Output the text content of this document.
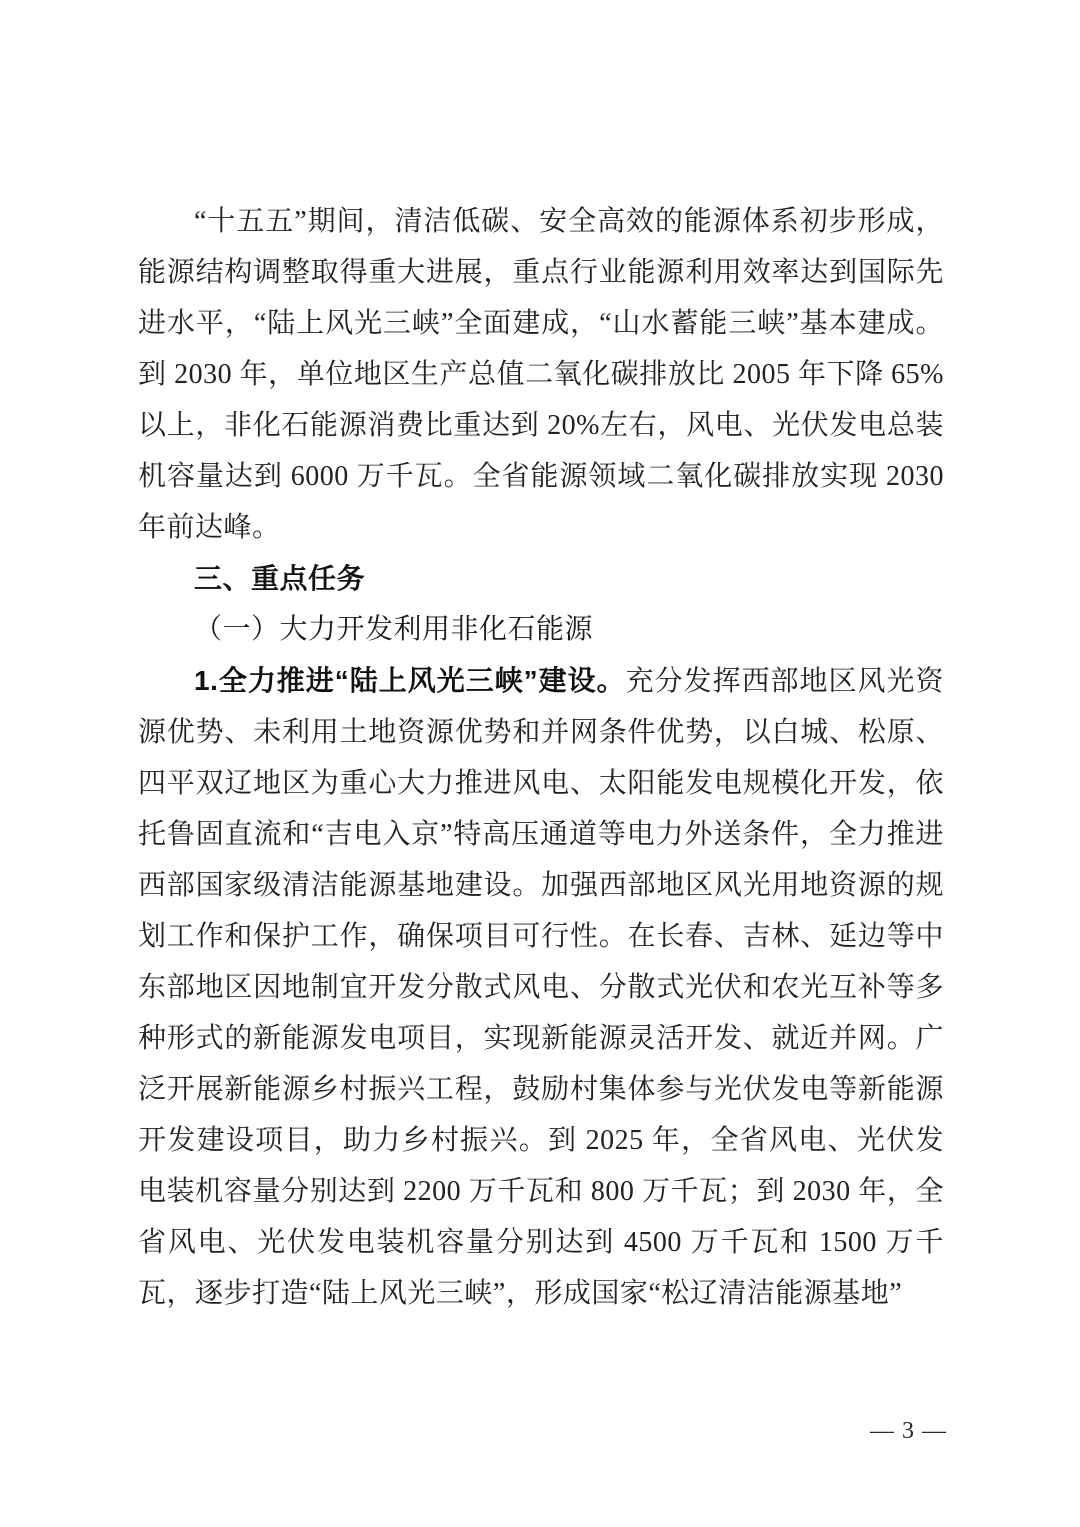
“十五五”期间，清洁低碳、安全高效的能源体系初步形成，能源结构调整取得重大进展，重点行业能源利用效率达到国际先进水平，“陆上风光三峡”全面建成，“山水蓄能三峡”基本建成。到 2030 年，单位地区生产总值二氧化碳排放比 2005 年下降 65%以上，非化石能源消费比重达到 20%左右，风电、光伏发电总装机容量达到 6000 万千瓦。全省能源领域二氧化碳排放实现 2030 年前达峰。

三、重点任务

（一）大力开发利用非化石能源

1.全力推进“陆上风光三峡”建设。充分发挥西部地区风光资源优势、未利用土地资源优势和并网条件优势，以白城、松原、四平双辽地区为重心大力推进风电、太阳能发电规模化开发，依托鲁固直流和“吉电入京”特高压通道等电力外送条件，全力推进西部国家级清洁能源基地建设。加强西部地区风光用地资源的规划工作和保护工作，确保项目可行性。在长春、吉林、延边等中东部地区因地制宜开发分散式风电、分散式光伏和农光互补等多种形式的新能源发电项目，实现新能源灵活开发、就近并网。广泛开展新能源乡村振兴工程，鼓励村集体参与光伏发电等新能源开发建设项目，助力乡村振兴。到 2025 年，全省风电、光伏发电装机容量分别达到 2200 万千瓦和 800 万千瓦；到 2030 年，全省风电、光伏发电装机容量分别达到 4500 万千瓦和 1500 万千瓦，逐步打造“陆上风光三峡”，形成国家“松辽清洁能源基地”

— 3 —
